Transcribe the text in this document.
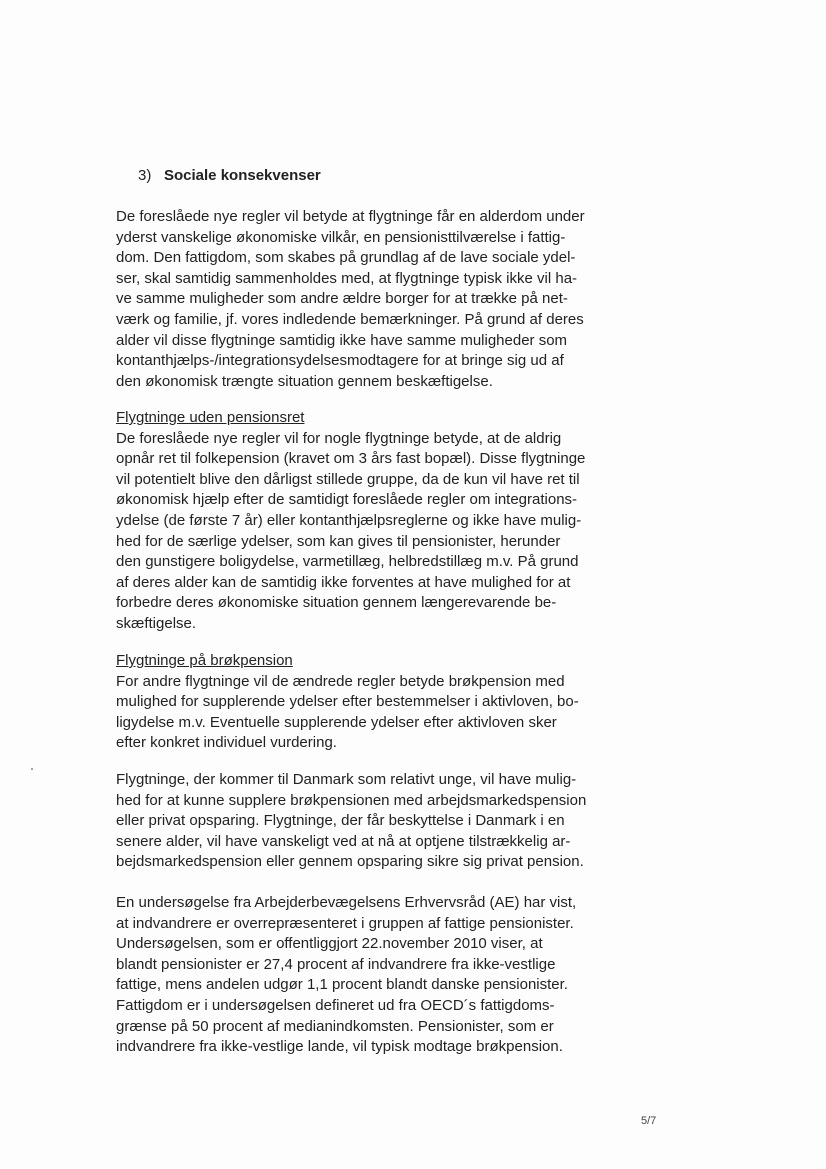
3) Sociale konsekvenser
De foreslåede nye regler vil betyde at flygtninge får en alderdom under
yderst vanskelige økonomiske vilkår, en pensionisttilværelse i fattig-
dom. Den fattigdom, som skabes på grundlag af de lave sociale ydel-
ser, skal samtidig sammenholdes med, at flygtninge typisk ikke vil ha-
ve samme muligheder som andre ældre borger for at trække på net-
værk og familie, jf. vores indledende bemærkninger. På grund af deres
alder vil disse flygtninge samtidig ikke have samme muligheder som
kontanthjælps-/integrationsydelsesmodtagere for at bringe sig ud af
den økonomisk trængte situation gennem beskæftigelse.
Flygtninge uden pensionsret
De foreslåede nye regler vil for nogle flygtninge betyde, at de aldrig
opnår ret til folkepension (kravet om 3 års fast bopæl). Disse flygtninge
vil potentielt blive den dårligst stillede gruppe, da de kun vil have ret til
økonomisk hjælp efter de samtidigt foreslåede regler om integrations-
ydelse (de første 7 år) eller kontanthjælpsreglerne og ikke have mulig-
hed for de særlige ydelser, som kan gives til pensionister, herunder
den gunstigere boligydelse, varmetillæg, helbredstillæg m.v. På grund
af deres alder kan de samtidig ikke forventes at have mulighed for at
forbedre deres økonomiske situation gennem længerevarende be-
skæftigelse.
Flygtninge på brøkpension
For andre flygtninge vil de ændrede regler betyde brøkpension med
mulighed for supplerende ydelser efter bestemmelser i aktivloven, bo-
ligydelse m.v. Eventuelle supplerende ydelser efter aktivloven sker
efter konkret individuel vurdering.
Flygtninge, der kommer til Danmark som relativt unge, vil have mulig-
hed for at kunne supplere brøkpensionen med arbejdsmarkedspension
eller privat opsparing. Flygtninge, der får beskyttelse i Danmark i en
senere alder, vil have vanskeligt ved at nå at optjene tilstrækkelig ar-
bejdsmarkedspension eller gennem opsparing sikre sig privat pension.
En undersøgelse fra Arbejderbevægelsens Erhvervsråd (AE) har vist,
at indvandrere er overrepræsenteret i gruppen af fattige pensionister.
Undersøgelsen, som er offentliggjort 22.november 2010 viser, at
blandt pensionister er 27,4 procent af indvandrere fra ikke-vestlige
fattige, mens andelen udgør 1,1 procent blandt danske pensionister.
Fattigdom er i undersøgelsen defineret ud fra OECD´s fattigdoms-
grænse på 50 procent af medianindkomsten. Pensionister, som er
indvandrere fra ikke-vestlige lande, vil typisk modtage brøkpension.
5/7
